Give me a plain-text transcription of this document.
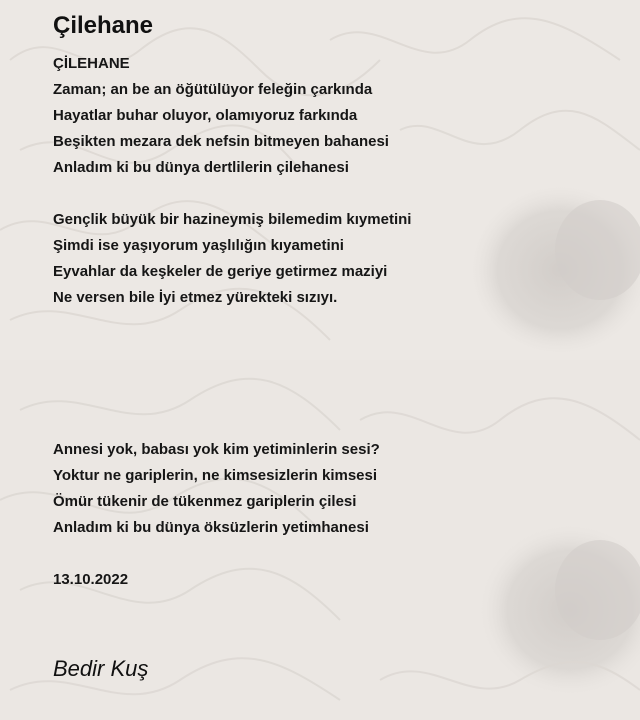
Çilehane
ÇİLEHANE
Zaman; an be an öğütülüyor feleğin çarkında
Hayatlar buhar oluyor, olamıyoruz farkında
Beşikten mezara dek nefsin bitmeyen bahanesi
Anladım ki bu dünya dertlilerin çilehanesi
Gençlik büyük bir hazineymiş bilemedim kıymetini
Şimdi ise yaşıyorum yaşlılığın kıyametini
Eyvahlar da keşkeler de geriye getirmez maziyi
Ne versen bile İyi etmez yürekteki sızıyı.
Annesi yok, babası yok kim yetiminlerin sesi?
Yoktur ne gariplerin, ne kimsesizlerin kimsesi
Ömür tükenir de tükenmez gariplerin çilesi
Anladım ki bu dünya öksüzlerin yetimhanesi
13.10.2022
Bedir Kuş
